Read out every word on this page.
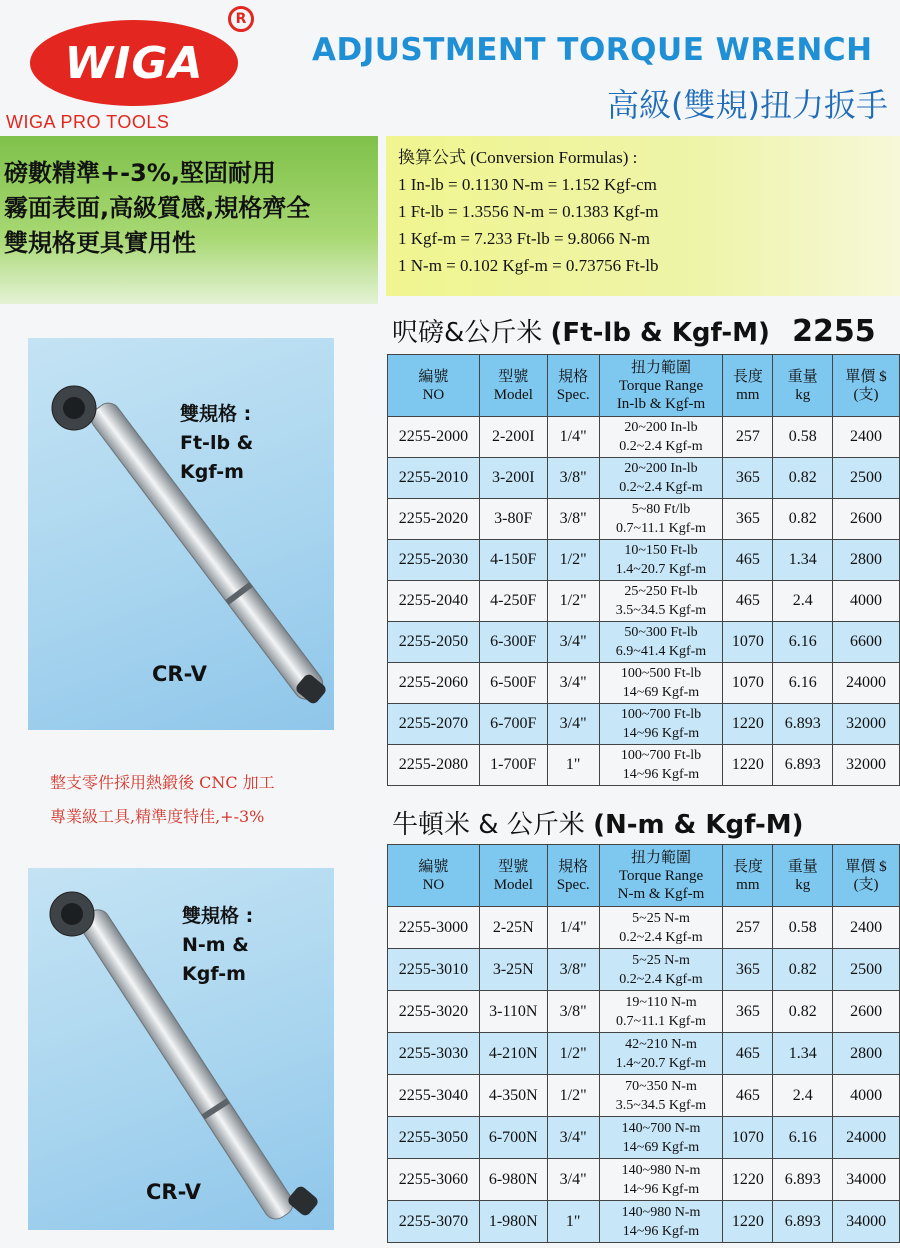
WIGA
R
WIGA PRO TOOLS
ADJUSTMENT TORQUE WRENCH
高級(雙規)扭力扳手
磅數精準+-3%,堅固耐用
霧面表面,高級質感,規格齊全
雙規格更具實用性
換算公式 (Conversion Formulas) :
1 In-lb = 0.1130 N-m = 1.152 Kgf-cm
1 Ft-lb = 1.3556 N-m = 0.1383 Kgf-m
1 Kgf-m = 7.233 Ft-lb = 9.8066 N-m
1 N-m = 0.102 Kgf-m = 0.73756 Ft-lb
呎磅&公斤米 (Ft-lb & Kgf-M) 2255
編號
NO	型號
Model	規格
Spec.	扭力範圍
Torque Range
In-lb & Kgf-m	長度
mm	重量
kg	單價 $
(支)
2255-2000	2-200I	1/4"	20~200 In-lb
0.2~2.4 Kgf-m	257	0.58	2400
2255-2010	3-200I	3/8"	20~200 In-lb
0.2~2.4 Kgf-m	365	0.82	2500
2255-2020	3-80F	3/8"	5~80 Ft/lb
0.7~11.1 Kgf-m	365	0.82	2600
2255-2030	4-150F	1/2"	10~150 Ft-lb
1.4~20.7 Kgf-m	465	1.34	2800
2255-2040	4-250F	1/2"	25~250 Ft-lb
3.5~34.5 Kgf-m	465	2.4	4000
2255-2050	6-300F	3/4"	50~300 Ft-lb
6.9~41.4 Kgf-m	1070	6.16	6600
2255-2060	6-500F	3/4"	100~500 Ft-lb
14~69 Kgf-m	1070	6.16	24000
2255-2070	6-700F	3/4"	100~700 Ft-lb
14~96 Kgf-m	1220	6.893	32000
2255-2080	1-700F	1"	100~700 Ft-lb
14~96 Kgf-m	1220	6.893	32000
牛頓米 & 公斤米 (N-m & Kgf-M)
編號
NO	型號
Model	規格
Spec.	扭力範圍
Torque Range
N-m & Kgf-m	長度
mm	重量
kg	單價 $
(支)
2255-3000	2-25N	1/4"	5~25 N-m
0.2~2.4 Kgf-m	257	0.58	2400
2255-3010	3-25N	3/8"	5~25 N-m
0.2~2.4 Kgf-m	365	0.82	2500
2255-3020	3-110N	3/8"	19~110 N-m
0.7~11.1 Kgf-m	365	0.82	2600
2255-3030	4-210N	1/2"	42~210 N-m
1.4~20.7 Kgf-m	465	1.34	2800
2255-3040	4-350N	1/2"	70~350 N-m
3.5~34.5 Kgf-m	465	2.4	4000
2255-3050	6-700N	3/4"	140~700 N-m
14~69 Kgf-m	1070	6.16	24000
2255-3060	6-980N	3/4"	140~980 N-m
14~96 Kgf-m	1220	6.893	34000
2255-3070	1-980N	1"	140~980 N-m
14~96 Kgf-m	1220	6.893	34000
雙規格 :
Ft-lb &
Kgf-m
CR-V
整支零件採用熱鍛後 CNC 加工
專業級工具,精準度特佳,+-3%
雙規格 :
N-m &
Kgf-m
CR-V
